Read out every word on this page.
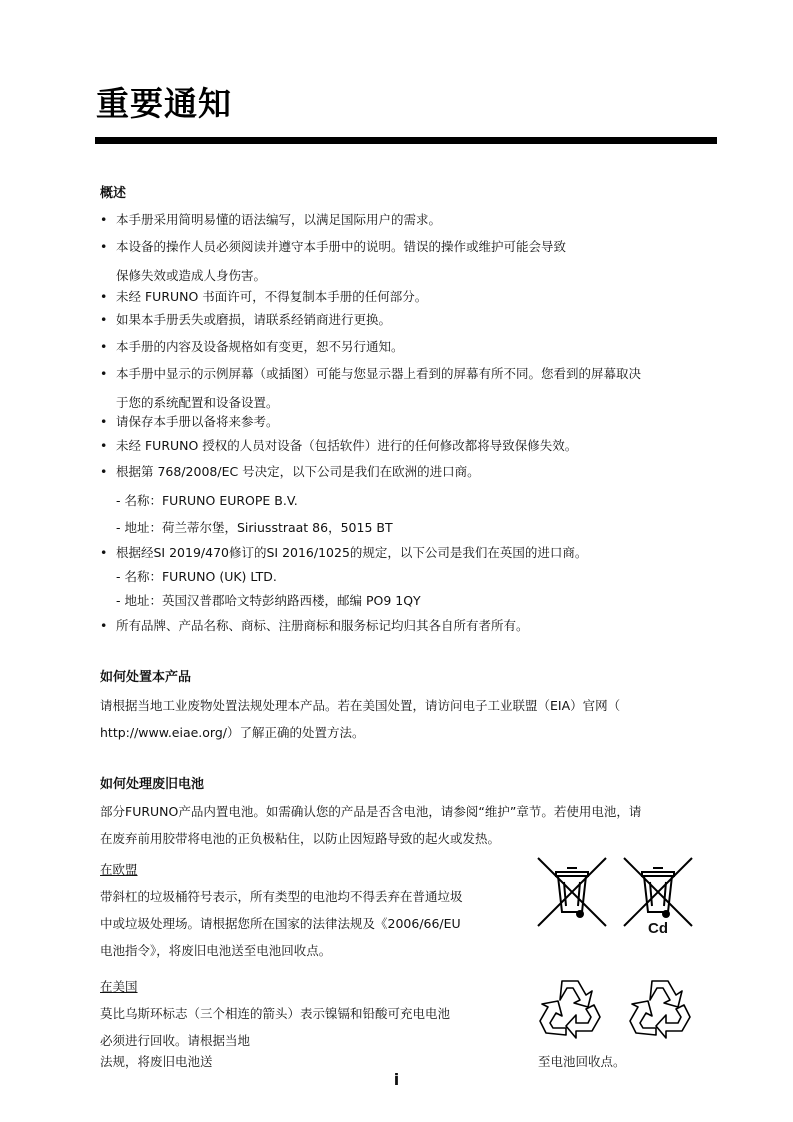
重要通知
概述
• 本手册采用简明易懂的语法编写，以满足国际用户的需求。
• 本设备的操作人员必须阅读并遵守本手册中的说明。错误的操作或维护可能会导致
保修失效或造成人身伤害。
• 未经 FURUNO 书面许可，不得复制本手册的任何部分。
• 如果本手册丢失或磨损，请联系经销商进行更换。
• 本手册的内容及设备规格如有变更，恕不另行通知。
• 本手册中显示的示例屏幕（或插图）可能与您显示器上看到的屏幕有所不同。您看到的屏幕取决
于您的系统配置和设备设置。
• 请保存本手册以备将来参考。
• 未经 FURUNO 授权的人员对设备（包括软件）进行的任何修改都将导致保修失效。
• 根据第 768/2008/EC 号决定，以下公司是我们在欧洲的进口商。
- 名称：FURUNO EUROPE B.V.
- 地址：荷兰蒂尔堡，Siriusstraat 86，5015 BT
• 根据经SI 2019/470修订的SI 2016/1025的规定，以下公司是我们在英国的进口商。
- 名称：FURUNO (UK) LTD.
- 地址：英国汉普郡哈文特彭纳路西楼，邮编 PO9 1QY
• 所有品牌、产品名称、商标、注册商标和服务标记均归其各自所有者所有。
如何处置本产品
请根据当地工业废物处置法规处理本产品。若在美国处置，请访问电子工业联盟（EIA）官网（
http://www.eiae.org/）了解正确的处置方法。
如何处理废旧电池
部分FURUNO产品内置电池。如需确认您的产品是否含电池，请参阅“维护”章节。若使用电池，请
在废弃前用胶带将电池的正负极粘住，以防止因短路导致的起火或发热。
在欧盟
带斜杠的垃圾桶符号表示，所有类型的电池均不得丢弃在普通垃圾
中或垃圾处理场。请根据您所在国家的法律法规及《2006/66/EU
电池指令》，将废旧电池送至电池回收点。
Cd
在美国
莫比乌斯环标志（三个相连的箭头）表示镍镉和铅酸可充电电池
必须进行回收。请根据当地
法规，将废旧电池送	至电池回收点。
i
